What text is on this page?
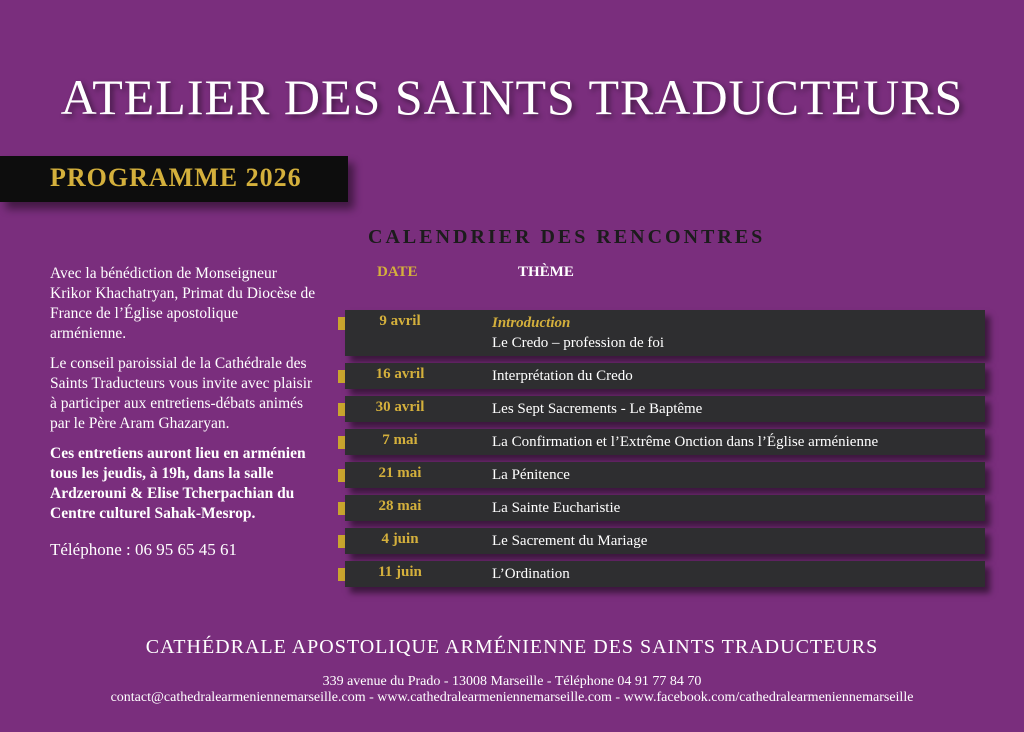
ATELIER DES SAINTS TRADUCTEURS
PROGRAMME 2026

Avec la bénédiction de Monseigneur Krikor Khachatryan, Primat du Diocèse de France de l’Église apostolique arménienne.

Le conseil paroissial de la Cathédrale des Saints Traducteurs vous invite avec plaisir à participer aux entretiens-débats animés par le Père Aram Ghazaryan.

Ces entretiens auront lieu en arménien tous les jeudis, à 19h, dans la salle Ardzerouni & Elise Tcherpachian du Centre culturel Sahak-Mesrop.

Téléphone : 06 95 65 45 61

CALENDRIER DES RENCONTRES
DATE	THÈME
9 avril	Introduction
Le Credo – profession de foi
16 avril	Interprétation du Credo
30 avril	Les Sept Sacrements - Le Baptême
7 mai	La Confirmation et l’Extrême Onction dans l’Église arménienne
21 mai	La Pénitence
28 mai	La Sainte Eucharistie
4 juin	Le Sacrement du Mariage
11 juin	L’Ordination
CATHÉDRALE APOSTOLIQUE ARMÉNIENNE DES SAINTS TRADUCTEURS
339 avenue du Prado - 13008 Marseille - Téléphone 04 91 77 84 70
contact@cathedralearmeniennemarseille.com - www.cathedralearmeniennemarseille.com - www.facebook.com/cathedralearmeniennemarseille
